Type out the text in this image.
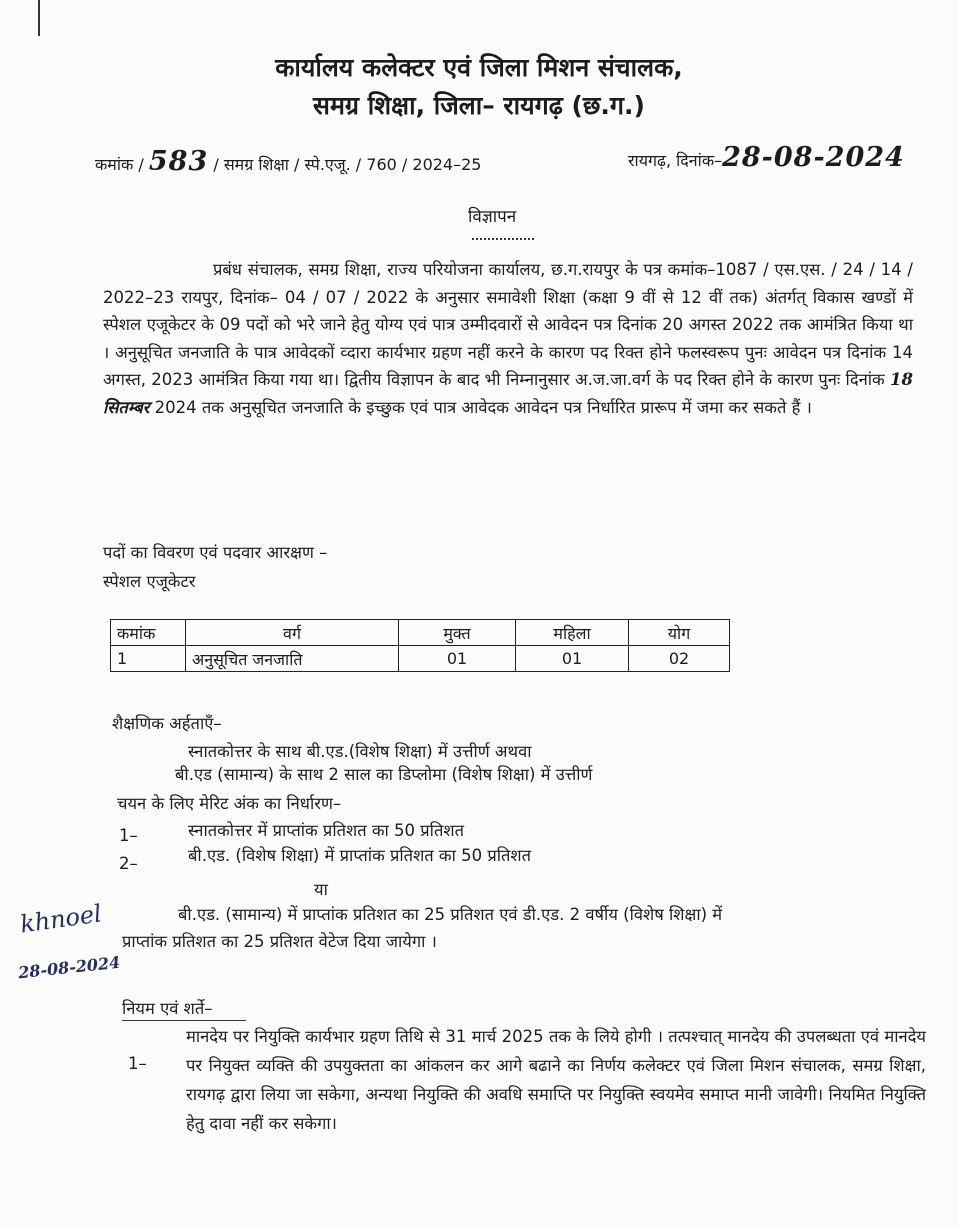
कार्यालय कलेक्टर एवं जिला मिशन संचालक,
समग्र शिक्षा, जिला– रायगढ़ (छ.ग.)
कमांक / 583 / समग्र शिक्षा / स्पे.एजू. / 760 / 2024–25	रायगढ़, दिनांक–28-08-2024
विज्ञापन
प्रबंध संचालक, समग्र शिक्षा, राज्य परियोजना कार्यालय, छ.ग.रायपुर के पत्र कमांक–1087 / एस.एस. / 24 / 14 / 2022–23 रायपुर, दिनांक– 04 / 07 / 2022 के अनुसार समावेशी शिक्षा (कक्षा 9 वीं से 12 वीं तक) अंतर्गत् विकास खण्डों में स्पेशल एजूकेटर के 09 पदों को भरे जाने हेतु योग्य एवं पात्र उम्मीदवारों से आवेदन पत्र दिनांक 20 अगस्त 2022 तक आमंत्रित किया था । अनुसूचित जनजाति के पात्र आवेदकों व्दारा कार्यभार ग्रहण नहीं करने के कारण पद रिक्त होने फलस्वरूप पुनः आवेदन पत्र दिनांक 14 अगस्त, 2023 आमंत्रित किया गया था। द्वितीय विज्ञापन के बाद भी निम्नानुसार अ.ज.जा.वर्ग के पद रिक्त होने के कारण पुनः दिनांक 18 सितम्बर 2024 तक अनुसूचित जनजाति के इच्छुक एवं पात्र आवेदक आवेदन पत्र निर्धारित प्रारूप में जमा कर सकते हैं ।
पदों का विवरण एवं पदवार आरक्षण –
स्पेशल एजूकेटर
कमांक	वर्ग	मुक्त	महिला	योग
1	अनुसूचित जनजाति	01	01	02
शैक्षणिक अर्हताऍं–
स्नातकोत्तर के साथ बी.एड.(विशेष शिक्षा) में उत्तीर्ण अथवा
बी.एड (सामान्य) के साथ 2 साल का डिप्लोमा (विशेष शिक्षा) में उत्तीर्ण
चयन के लिए मेरिट अंक का निर्धारण–
1–	स्नातकोत्तर में प्राप्तांक प्रतिशत का 50 प्रतिशत
2–	बी.एड. (विशेष शिक्षा) में प्राप्तांक प्रतिशत का 50 प्रतिशत
या
बी.एड. (सामान्य) में प्राप्तांक प्रतिशत का 25 प्रतिशत एवं डी.एड. 2 वर्षीय (विशेष शिक्षा) में
प्राप्तांक प्रतिशत का 25 प्रतिशत वेटेज दिया जायेगा ।
khnoel
28-08-2024
नियम एवं शर्ते–
1–
मानदेय पर नियुक्ति कार्यभार ग्रहण तिथि से 31 मार्च 2025 तक के लिये होगी । तत्पश्चात् मानदेय की उपलब्धता एवं मानदेय पर नियुक्त व्यक्ति की उपयुक्तता का आंकलन कर आगे बढाने का निर्णय कलेक्टर एवं जिला मिशन संचालक, समग्र शिक्षा, रायगढ़ द्वारा लिया जा सकेगा, अन्यथा नियुक्ति की अवधि समाप्ति पर नियुक्ति स्वयमेव समाप्त मानी जावेगी। नियमित नियुक्ति हेतु दावा नहीं कर सकेगा।
